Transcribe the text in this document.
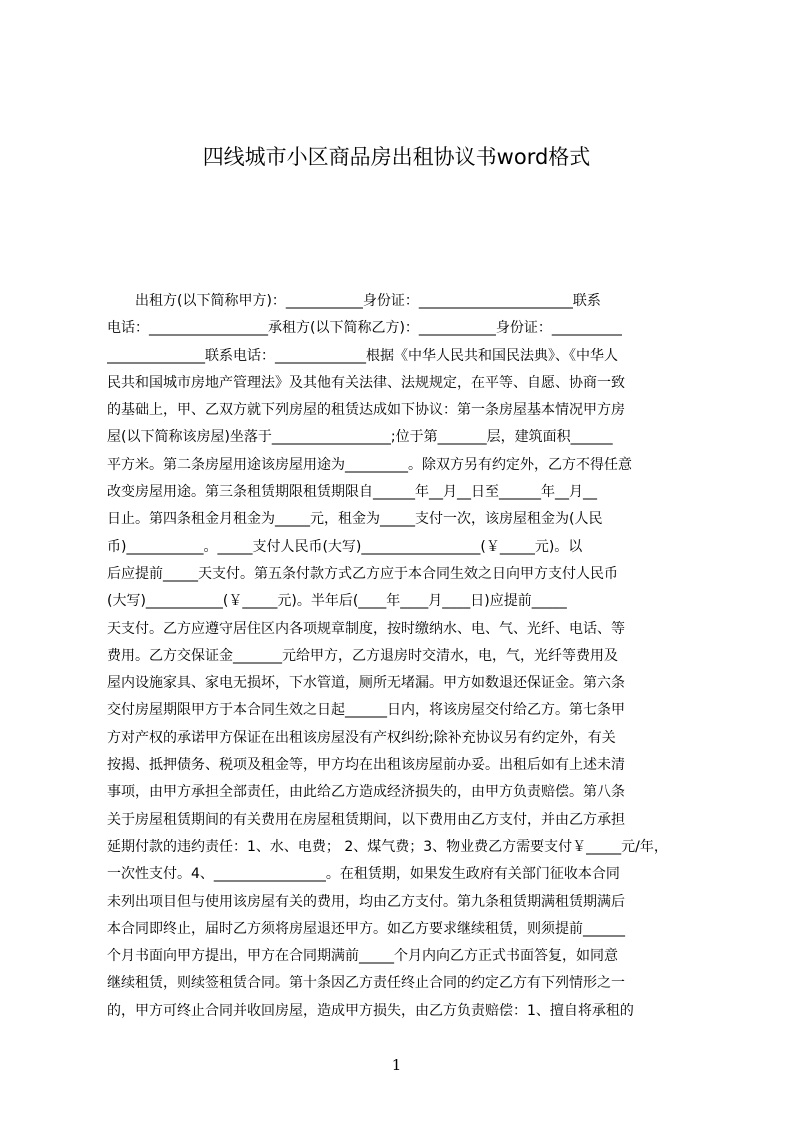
四线城市小区商品房出租协议书word格式
　　出租方(以下简称甲方)：___________身份证：______________________联系
电话：_________________承租方(以下简称乙方)：___________身份证：__________
______________联系电话：_____________根据《中华人民共和国民法典》、《中华人
民共和国城市房地产管理法》及其他有关法律、法规规定，在平等、自愿、协商一致
的基础上，甲、乙双方就下列房屋的租赁达成如下协议：第一条房屋基本情况甲方房
屋(以下简称该房屋)坐落于_________________;位于第_______层，建筑面积______
平方米。第二条房屋用途该房屋用途为_________。除双方另有约定外，乙方不得任意
改变房屋用途。第三条租赁期限租赁期限自______年__月__日至______年__月__
日止。第四条租金月租金为_____元，租金为_____支付一次，该房屋租金为(人民
币)___________。_____支付人民币(大写)_________________(￥_____元)。以
后应提前_____天支付。第五条付款方式乙方应于本合同生效之日向甲方支付人民币
(大写)___________(￥_____元)。半年后(____年____月____日)应提前_____
天支付。乙方应遵守居住区内各项规章制度，按时缴纳水、电、气、光纤、电话、等
费用。乙方交保证金_______元给甲方，乙方退房时交清水，电，气，光纤等费用及
屋内设施家具、家电无损坏，下水管道，厕所无堵漏。甲方如数退还保证金。第六条
交付房屋期限甲方于本合同生效之日起______日内，将该房屋交付给乙方。第七条甲
方对产权的承诺甲方保证在出租该房屋没有产权纠纷;除补充协议另有约定外，有关
按揭、抵押债务、税项及租金等，甲方均在出租该房屋前办妥。出租后如有上述未清
事项，由甲方承担全部责任，由此给乙方造成经济损失的，由甲方负责赔偿。第八条
关于房屋租赁期间的有关费用在房屋租赁期间，以下费用由乙方支付，并由乙方承担
延期付款的违约责任：1、水、电费； 2、煤气费；3、物业费乙方需要支付￥_____元/年，
一次性支付。4、________________。在租赁期，如果发生政府有关部门征收本合同
未列出项目但与使用该房屋有关的费用，均由乙方支付。第九条租赁期满租赁期满后
本合同即终止，届时乙方须将房屋退还甲方。如乙方要求继续租赁，则须提前______
个月书面向甲方提出，甲方在合同期满前_____个月内向乙方正式书面答复，如同意
继续租赁，则续签租赁合同。第十条因乙方责任终止合同的约定乙方有下列情形之一
的，甲方可终止合同并收回房屋，造成甲方损失，由乙方负责赔偿：1、擅自将承租的
1
